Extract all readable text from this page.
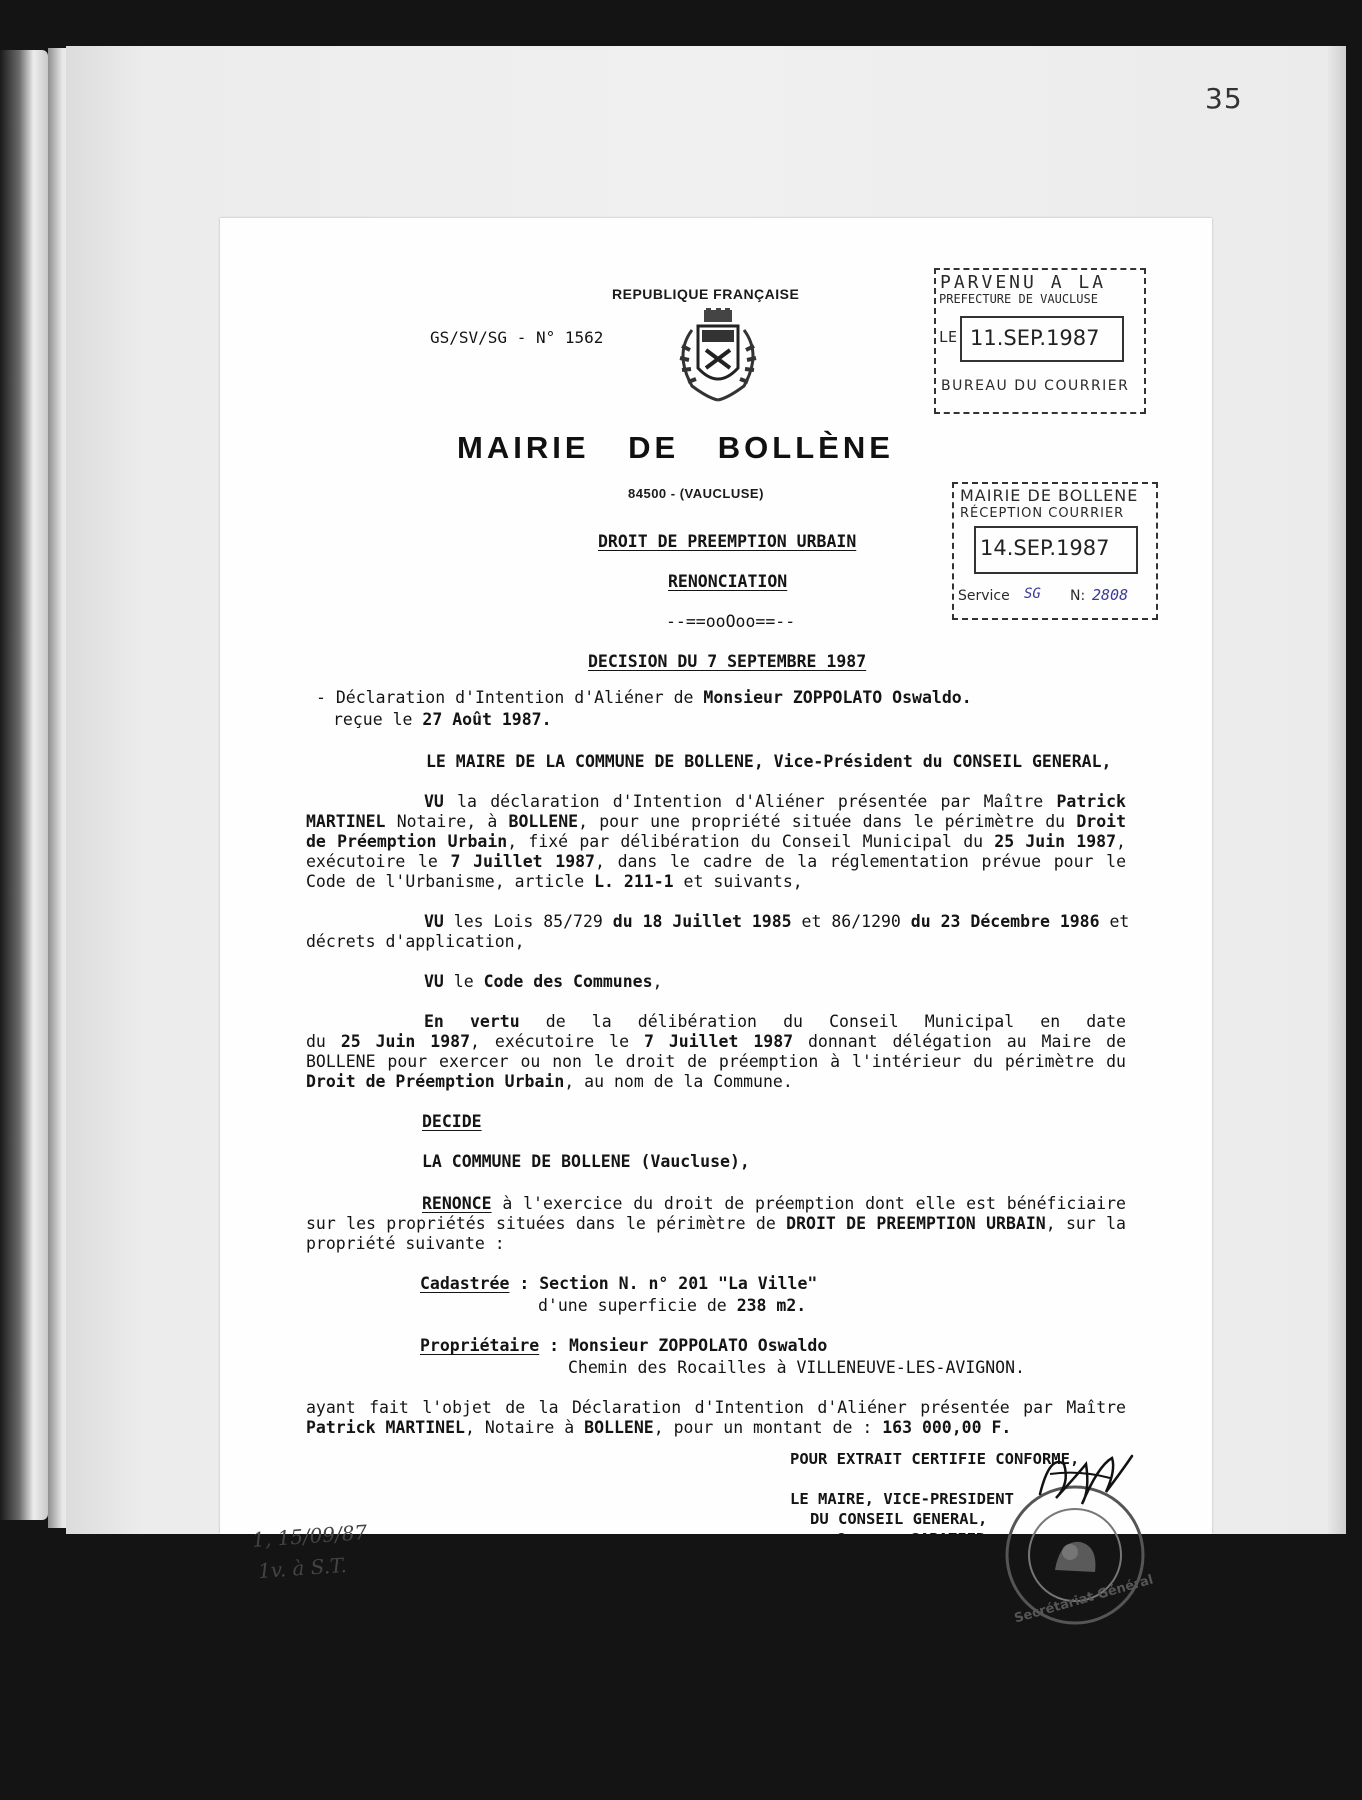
35
REPUBLIQUE FRANÇAISE
GS/SV/SG - N° 1562
MAIRIE DE BOLLÈNE
84500 - (VAUCLUSE)
PARVENU A LA
PREFECTURE DE VAUCLUSE
LE 11.SEP.1987
BUREAU DU COURRIER
MAIRIE DE BOLLENE
RÉCEPTION COURRIER
14.SEP.1987
Service SG N: 2808
DROIT DE PREEMPTION URBAIN
RENONCIATION
--==ooOoo==--
DECISION DU 7 SEPTEMBRE 1987
- Déclaration d'Intention d'Aliéner de Monsieur ZOPPOLATO Oswaldo.
reçue le 27 Août 1987.
LE MAIRE DE LA COMMUNE DE BOLLENE, Vice-Président du CONSEIL GENERAL,
VU la déclaration d'Intention d'Aliéner présentée par Maître Patrick
MARTINEL Notaire, à BOLLENE, pour une propriété située dans le périmètre du Droit
de Préemption Urbain, fixé par délibération du Conseil Municipal du 25 Juin 1987,
exécutoire le 7 Juillet 1987, dans le cadre de la réglementation prévue pour le
Code de l'Urbanisme, article L. 211-1 et suivants,
VU les Lois 85/729 du 18 Juillet 1985 et 86/1290 du 23 Décembre 1986 et
décrets d'application,
VU le Code des Communes,
En vertu de la délibération du Conseil Municipal en date
du 25 Juin 1987, exécutoire le 7 Juillet 1987 donnant délégation au Maire de
BOLLENE pour exercer ou non le droit de préemption à l'intérieur du périmètre du
Droit de Préemption Urbain, au nom de la Commune.
DECIDE
LA COMMUNE DE BOLLENE (Vaucluse),
RENONCE à l'exercice du droit de préemption dont elle est bénéficiaire
sur les propriétés situées dans le périmètre de DROIT DE PREEMPTION URBAIN, sur la
propriété suivante :
Cadastrée : Section N. n° 201 "La Ville"
d'une superficie de 238 m2.
Propriétaire : Monsieur ZOPPOLATO Oswaldo
Chemin des Rocailles à VILLENEUVE-LES-AVIGNON.
ayant fait l'objet de la Déclaration d'Intention d'Aliéner présentée par Maître
Patrick MARTINEL, Notaire à BOLLENE, pour un montant de : 163 000,00 F.
POUR EXTRAIT CERTIFIE CONFORME,
LE MAIRE, VICE-PRESIDENT
DU CONSEIL GENERAL,
Georges SABATIER
Secrétariat Général
1, 15/09/87
1v. à S.T.
